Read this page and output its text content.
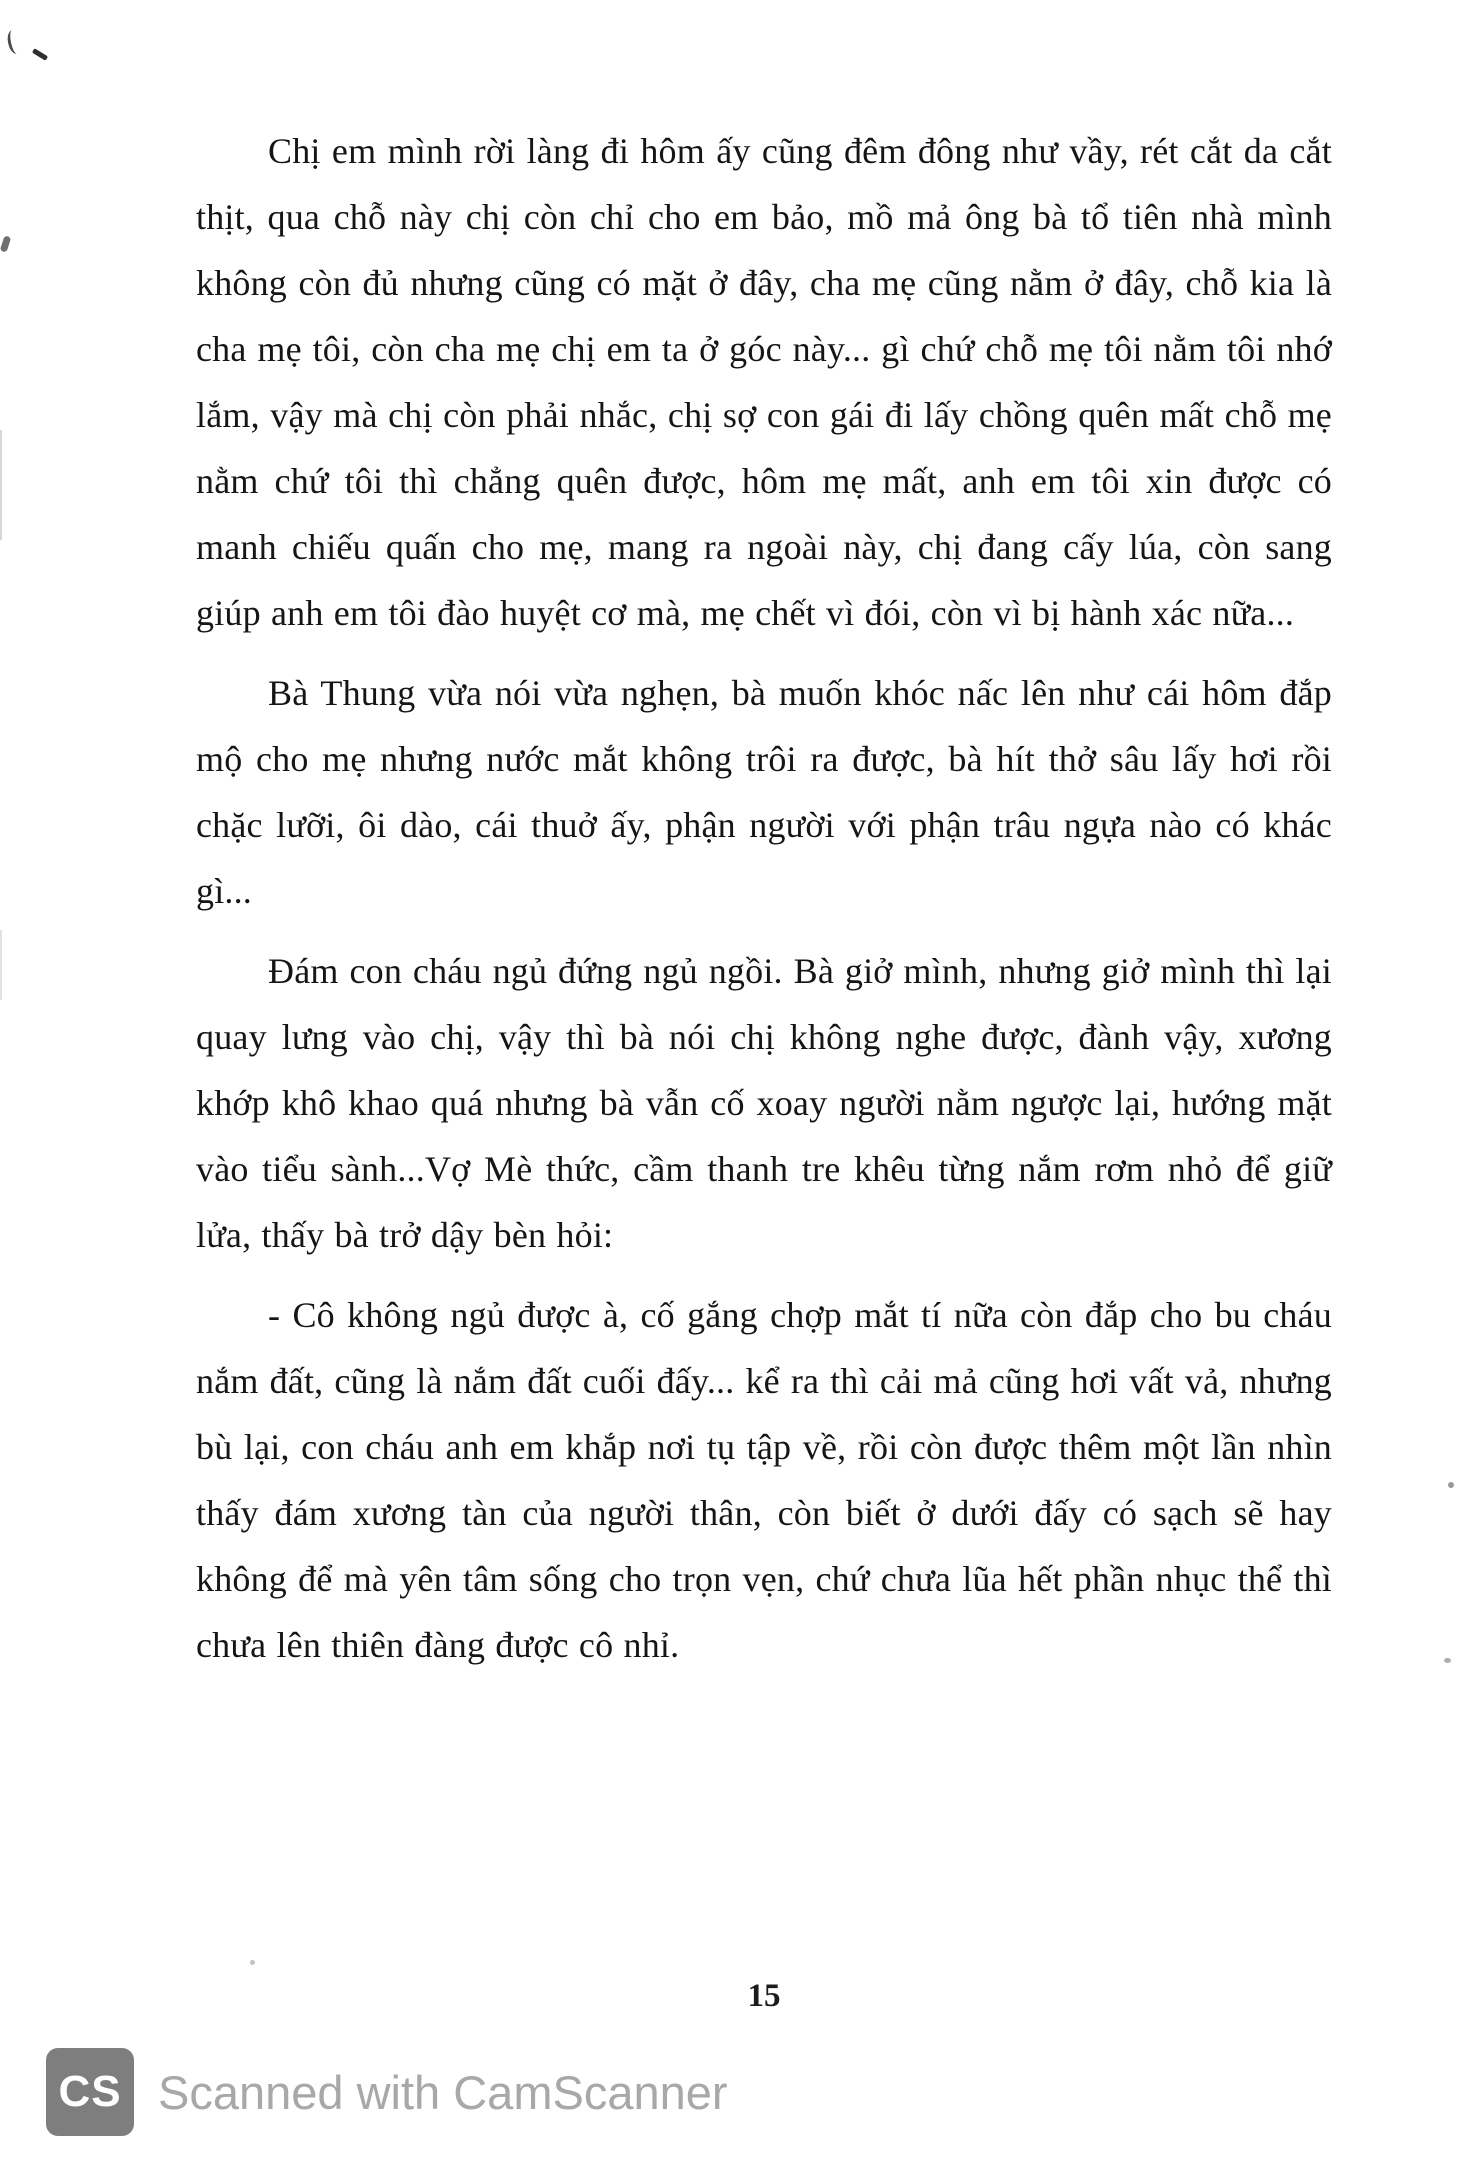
Chị em mình rời làng đi hôm ấy cũng đêm đông như vầy, rét cắt da cắt thịt, qua chỗ này chị còn chỉ cho em bảo, mồ mả ông bà tổ tiên nhà mình không còn đủ nhưng cũng có mặt ở đây, cha mẹ cũng nằm ở đây, chỗ kia là cha mẹ tôi, còn cha mẹ chị em ta ở góc này... gì chứ chỗ mẹ tôi nằm tôi nhớ lắm, vậy mà chị còn phải nhắc, chị sợ con gái đi lấy chồng quên mất chỗ mẹ nằm chứ tôi thì chẳng quên được, hôm mẹ mất, anh em tôi xin được có manh chiếu quấn cho mẹ, mang ra ngoài này, chị đang cấy lúa, còn sang giúp anh em tôi đào huyệt cơ mà, mẹ chết vì đói, còn vì bị hành xác nữa...

Bà Thung vừa nói vừa nghẹn, bà muốn khóc nấc lên như cái hôm đắp mộ cho mẹ nhưng nước mắt không trôi ra được, bà hít thở sâu lấy hơi rồi chặc lưỡi, ôi dào, cái thuở ấy, phận người với phận trâu ngựa nào có khác gì...

Đám con cháu ngủ đứng ngủ ngồi. Bà giở mình, nhưng giở mình thì lại quay lưng vào chị, vậy thì bà nói chị không nghe được, đành vậy, xương khớp khô khao quá nhưng bà vẫn cố xoay người nằm ngược lại, hướng mặt vào tiểu sành...Vợ Mè thức, cầm thanh tre khêu từng nắm rơm nhỏ để giữ lửa, thấy bà trở dậy bèn hỏi:

- Cô không ngủ được à, cố gắng chợp mắt tí nữa còn đắp cho bu cháu nắm đất, cũng là nắm đất cuối đấy... kể ra thì cải mả cũng hơi vất vả, nhưng bù lại, con cháu anh em khắp nơi tụ tập về, rồi còn được thêm một lần nhìn thấy đám xương tàn của người thân, còn biết ở dưới đấy có sạch sẽ hay không để mà yên tâm sống cho trọn vẹn, chứ chưa lũa hết phần nhục thể thì chưa lên thiên đàng được cô nhỉ.

15
CS Scanned with CamScanner
